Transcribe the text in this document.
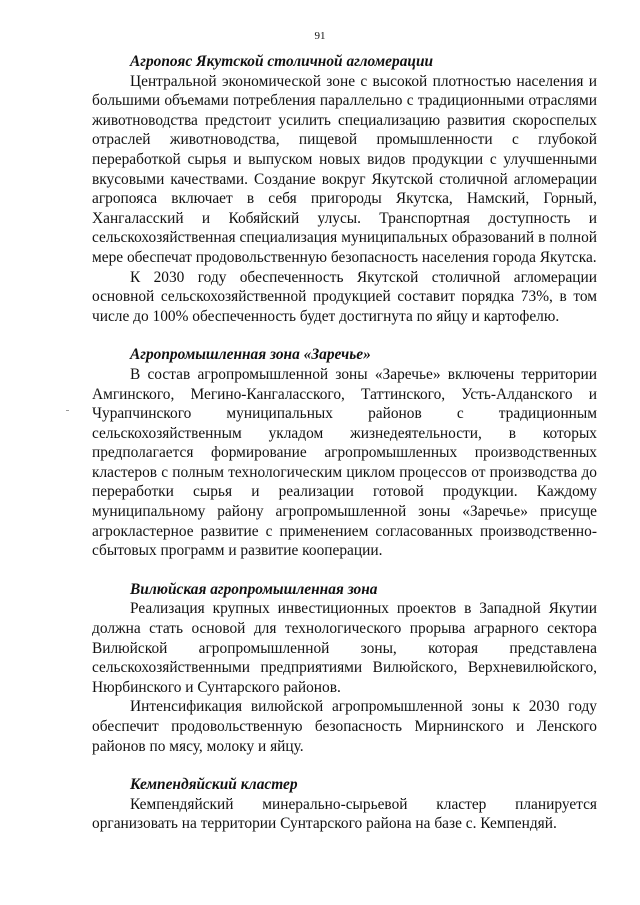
91

Агропояс Якутской столичной агломерации

Центральной экономической зоне с высокой плотностью населения и большими объемами потребления параллельно с традиционными отраслями животноводства предстоит усилить специализацию развития скороспелых отраслей животноводства, пищевой промышленности с глубокой переработкой сырья и выпуском новых видов продукции с улучшенными вкусовыми качествами. Создание вокруг Якутской столичной агломерации агропояса включает в себя пригороды Якутска, Намский, Горный, Хангаласский и Кобяйский улусы. Транспортная доступность и сельскохозяйственная специализация муниципальных образований в полной мере обеспечат продовольственную безопасность населения города Якутска.

К 2030 году обеспеченность Якутской столичной агломерации основной сельскохозяйственной продукцией составит порядка 73%, в том числе до 100% обеспеченность будет достигнута по яйцу и картофелю.

Агропромышленная зона «Заречье»

В состав агропромышленной зоны «Заречье» включены территории Амгинского, Мегино-Кангаласского, Таттинского, Усть-Алданского и Чурапчинского муниципальных районов с традиционным сельскохозяйственным укладом жизнедеятельности, в которых предполагается формирование агропромышленных производственных кластеров с полным технологическим циклом процессов от производства до переработки сырья и реализации готовой продукции. Каждому муниципальному району агропромышленной зоны «Заречье» присуще агрокластерное развитие с применением согласованных производственно-сбытовых программ и развитие кооперации.

Вилюйская агропромышленная зона

Реализация крупных инвестиционных проектов в Западной Якутии должна стать основой для технологического прорыва аграрного сектора Вилюйской агропромышленной зоны, которая представлена сельскохозяйственными предприятиями Вилюйского, Верхневилюйского, Нюрбинского и Сунтарского районов.

Интенсификация вилюйской агропромышленной зоны к 2030 году обеспечит продовольственную безопасность Мирнинского и Ленского районов по мясу, молоку и яйцу.

Кемпендяйский кластер

Кемпендяйский минерально-сырьевой кластер планируется организовать на территории Сунтарского района на базе с. Кемпендяй.
